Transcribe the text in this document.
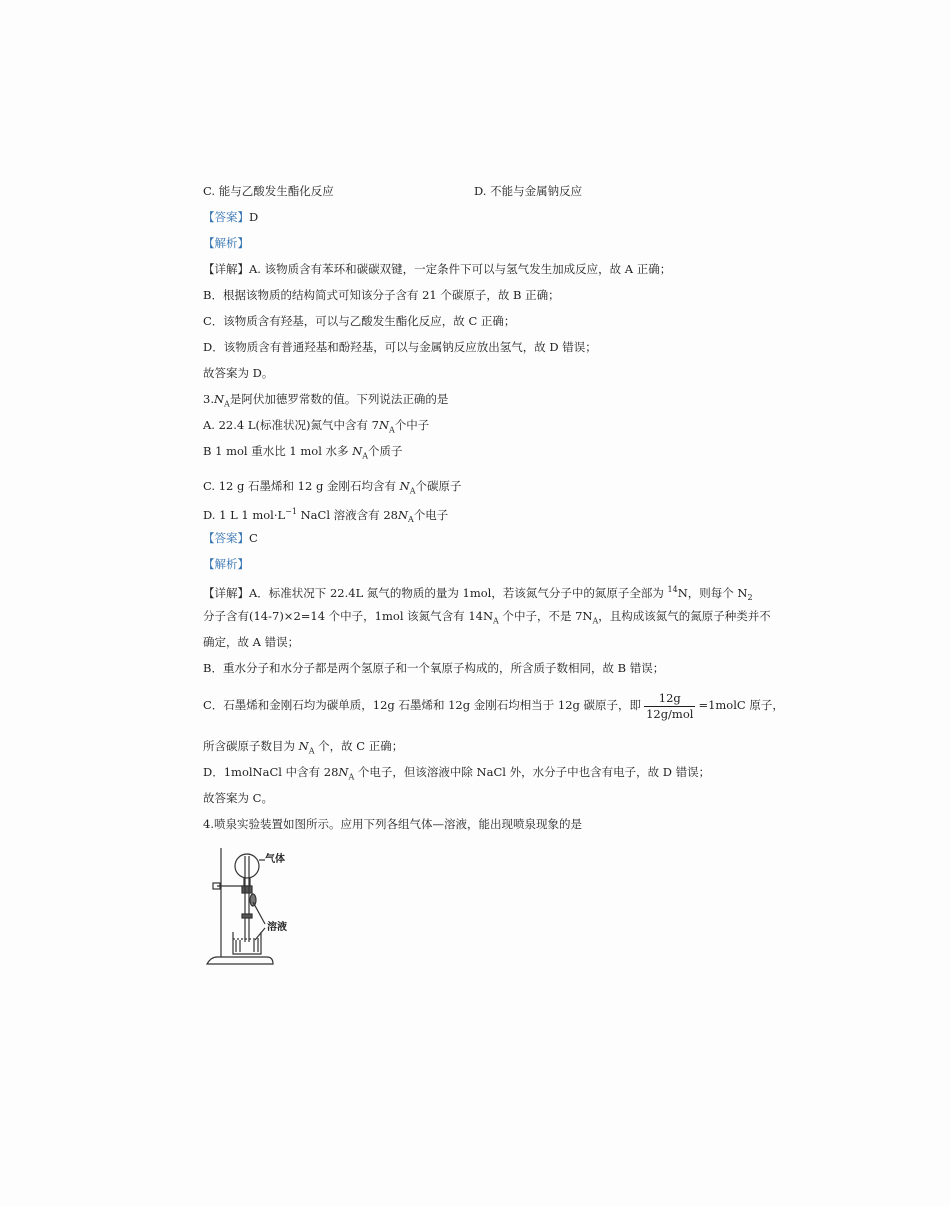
C. 能与乙酸发生酯化反应	D. 不能与金属钠反应
【答案】D
【解析】
【详解】A. 该物质含有苯环和碳碳双键，一定条件下可以与氢气发生加成反应，故 A 正确；
B．根据该物质的结构简式可知该分子含有 21 个碳原子，故 B 正确；
C．该物质含有羟基，可以与乙酸发生酯化反应，故 C 正确；
D．该物质含有普通羟基和酚羟基，可以与金属钠反应放出氢气，故 D 错误；
故答案为 D。
$3.N_A$是阿伏加德罗常数的值。下列说法正确的是
A. 22.4 L(标准状况)氮气中含有 $7N_A$个中子
B 1 mol 重水比 1 mol 水多 $N_A$个质子
C. 12 g 石墨烯和 12 g 金刚石均含有 $N_A$个碳原子
D. 1 L 1 $mol\cdot L^{-1}$ NaCl 溶液含有 $28N_A$个电子
【答案】C
【解析】
【详解】A．标准状况下 22.4L 氮气的物质的量为 1mol，若该氮气分子中的氮原子全部为 $^{14}$N，则每个 $N_2$
分子含有(14-7)×2=14 个中子，1mol 该氮气含有 $14N_A$ 个中子，不是 $7N_A$，且构成该氮气的氮原子种类并不
确定，故 A 错误；
B．重水分子和水分子都是两个氢原子和一个氧原子构成的，所含质子数相同，故 B 错误；
C．石墨烯和金刚石均为碳单质，12g 石墨烯和 12g 金刚石均相当于 12g 碳原子，即 $\frac{12g}{\text{12g/mol}}$ =1molC 原子，
所含碳原子数目为 $N_A$ 个，故 C 正确；
D．1molNaCl 中含有 $28N_A$ 个电子，但该溶液中除 NaCl 外，水分子中也含有电子，故 D 错误；
故答案为 C。
4.喷泉实验装置如图所示。应用下列各组气体—溶液，能出现喷泉现象的是
气体
溶液
